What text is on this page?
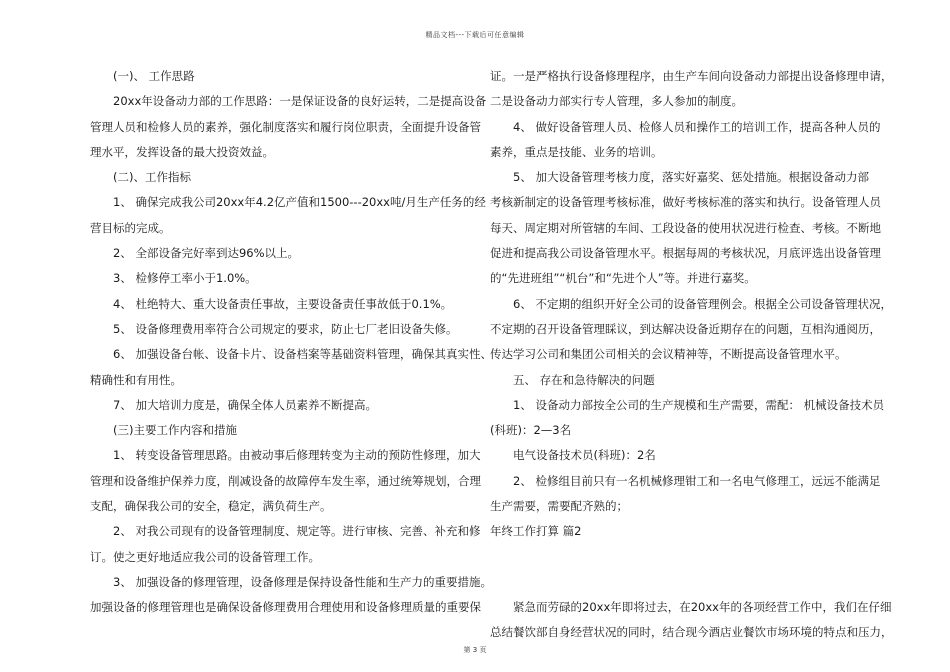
精品文档---下载后可任意编辑
(一)、 工作思路
20xx年设备动力部的工作思路：一是保证设备的良好运转，二是提高设备
管理人员和检修人员的素养，强化制度落实和履行岗位职责，全面提升设备管
理水平，发挥设备的最大投资效益。
(二)、工作指标
1、 确保完成我公司20xx年4.2亿产值和1500---20xx吨/月生产任务的经
营目标的完成。
2、 全部设备完好率到达96%以上。
3、 检修停工率小于1.0%。
4、 杜绝特大、重大设备责任事故，主要设备责任事故低于0.1%。
5、 设备修理费用率符合公司规定的要求，防止七厂老旧设备失修。
6、 加强设备台帐、设备卡片、设备档案等基础资料管理，确保其真实性、
精确性和有用性。
7、 加大培训力度是，确保全体人员素养不断提高。
(三)主要工作内容和措施
1、 转变设备管理思路。由被动事后修理转变为主动的预防性修理，加大
管理和设备维护保养力度，削减设备的故障停车发生率，通过统筹规划，合理
支配，确保我公司的安全，稳定，满负荷生产。
2、 对我公司现有的设备管理制度、规定等。进行审核、完善、补充和修
订。使之更好地适应我公司的设备管理工作。
3、 加强设备的修理管理，设备修理是保持设备性能和生产力的重要措施。
加强设备的修理管理也是确保设备修理费用合理使用和设备修理质量的重要保
证。一是严格执行设备修理程序，由生产车间向设备动力部提出设备修理申请，
二是设备动力部实行专人管理，多人参加的制度。
4、 做好设备管理人员、检修人员和操作工的培训工作，提高各种人员的
素养，重点是技能、业务的培训。
5、 加大设备管理考核力度，落实好嘉奖、惩处措施。根据设备动力部
考核新制定的设备管理考核标准，做好考核标准的落实和执行。设备管理人员
每天、周定期对所管辖的车间、工段设备的使用状况进行检查、考核。不断地
促进和提高我公司设备管理水平。根据每周的考核状况，月底评选出设备管理
的“先进班组”“机台”和“先进个人”等。并进行嘉奖。
6、 不定期的组织开好全公司的设备管理例会。根据全公司设备管理状况，
不定期的召开设备管理睬议，到达解决设备近期存在的问题，互相沟通阅历，
传达学习公司和集团公司相关的会议精神等，不断提高设备管理水平。
五、 存在和急待解决的问题
1、 设备动力部按全公司的生产规模和生产需要，需配： 机械设备技术员
(科班)：2—3名
电气设备技术员(科班)：2名
2、 检修组目前只有一名机械修理钳工和一名电气修理工，远远不能满足
生产需要，需要配齐熟的；
年终工作打算 篇2
紧急而劳碌的20xx年即将过去，在20xx年的各项经营工作中，我们在仔细
总结餐饮部自身经营状况的同时，结合现今酒店业餐饮市场环境的特点和压力，
第 3 页
